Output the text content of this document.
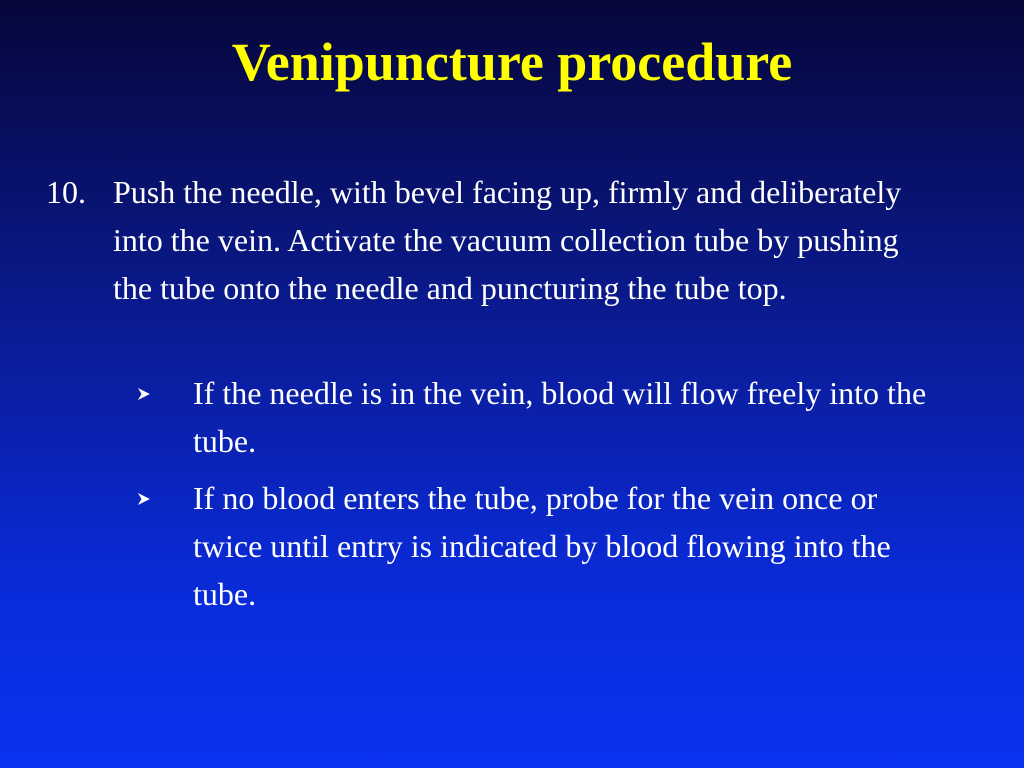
Venipuncture procedure
10. Push the needle, with bevel facing up, firmly and deliberately into the vein. Activate the vacuum collection tube by pushing the tube onto the needle and puncturing the tube top.
If the needle is in the vein, blood will flow freely into the tube.
If no blood enters the tube, probe for the vein once or twice until entry is indicated by blood flowing into the tube.
